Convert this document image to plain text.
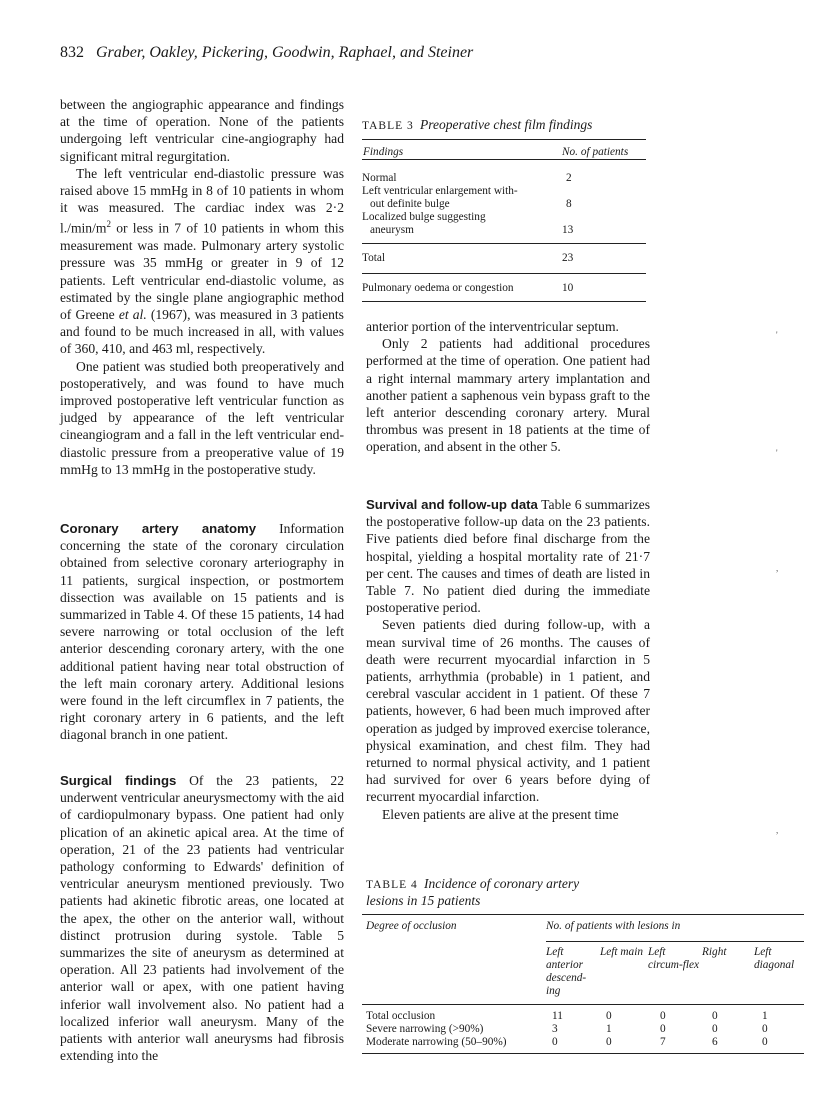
832 Graber, Oakley, Pickering, Goodwin, Raphael, and Steiner

between the angiographic appearance and findings at the time of operation. None of the patients undergoing left ventricular cine-angiography had significant mitral regurgitation.

The left ventricular end-diastolic pressure was raised above 15 mmHg in 8 of 10 patients in whom it was measured. The cardiac index was 2·2 $l./\min/m^2$ or less in 7 of 10 patients in whom this measurement was made. Pulmonary artery systolic pressure was 35 mmHg or greater in 9 of 12 patients. Left ventricular end-diastolic volume, as estimated by the single plane angiographic method of Greene et al. (1967), was measured in 3 patients and found to be much increased in all, with values of 360, 410, and 463 ml, respectively.

One patient was studied both preoperatively and postoperatively, and was found to have much improved postoperative left ventricular function as judged by appearance of the left ventricular cineangiogram and a fall in the left ventricular end-diastolic pressure from a preoperative value of 19 mmHg to 13 mmHg in the postoperative study.

Coronary artery anatomy Information concerning the state of the coronary circulation obtained from selective coronary arteriography in 11 patients, surgical inspection, or postmortem dissection was available on 15 patients and is summarized in Table 4. Of these 15 patients, 14 had severe narrowing or total occlusion of the left anterior descending coronary artery, with the one additional patient having near total obstruction of the left main coronary artery. Additional lesions were found in the left circumflex in 7 patients, the right coronary artery in 6 patients, and the left diagonal branch in one patient.

Surgical findings Of the 23 patients, 22 underwent ventricular aneurysmectomy with the aid of cardiopulmonary bypass. One patient had only plication of an akinetic apical area. At the time of operation, 21 of the 23 patients had ventricular pathology conforming to Edwards' definition of ventricular aneurysm mentioned previously. Two patients had akinetic fibrotic areas, one located at the apex, the other on the anterior wall, without distinct protrusion during systole. Table 5 summarizes the site of aneurysm as determined at operation. All 23 patients had involvement of the anterior wall or apex, with one patient having inferior wall involvement also. No patient had a localized inferior wall aneurysm. Many of the patients with anterior wall aneurysms had fibrosis extending into the

TABLE 3 Preoperative chest film findings

Findings	No. of patients

Normal	2

Left ventricular enlargement with-
out definite bulge	8

Localized bulge suggesting
aneurysm	13
Total	23
Pulmonary oedema or congestion	10

anterior portion of the interventricular septum.

Only 2 patients had additional procedures performed at the time of operation. One patient had a right internal mammary artery implantation and another patient a saphenous vein bypass graft to the left anterior descending coronary artery. Mural thrombus was present in 18 patients at the time of operation, and absent in the other 5.

Survival and follow-up data Table 6 summarizes the postoperative follow-up data on the 23 patients. Five patients died before final discharge from the hospital, yielding a hospital mortality rate of 21·7 per cent. The causes and times of death are listed in Table 7. No patient died during the immediate postoperative period.

Seven patients died during follow-up, with a mean survival time of 26 months. The causes of death were recurrent myocardial infarction in 5 patients, arrhythmia (probable) in 1 patient, and cerebral vascular accident in 1 patient. Of these 7 patients, however, 6 had been much improved after operation as judged by improved exercise tolerance, physical examination, and chest film. They had returned to normal physical activity, and 1 patient had survived for over 6 years before dying of recurrent myocardial infarction.

Eleven patients are alive at the present time

TABLE 4 Incidence of coronary artery
lesions in 15 patients

Degree of occlusion	No. of patients with lesions in				

	Left anterior descend-ing	Left main	Left circum-flex	Right	Left diagonal

Total occlusion	11	0	0	0	1
Severe narrowing (>90%)	3	1	0	0	0
Moderate narrowing (50–90%)	0	0	7	6	0

'
'
,
,
